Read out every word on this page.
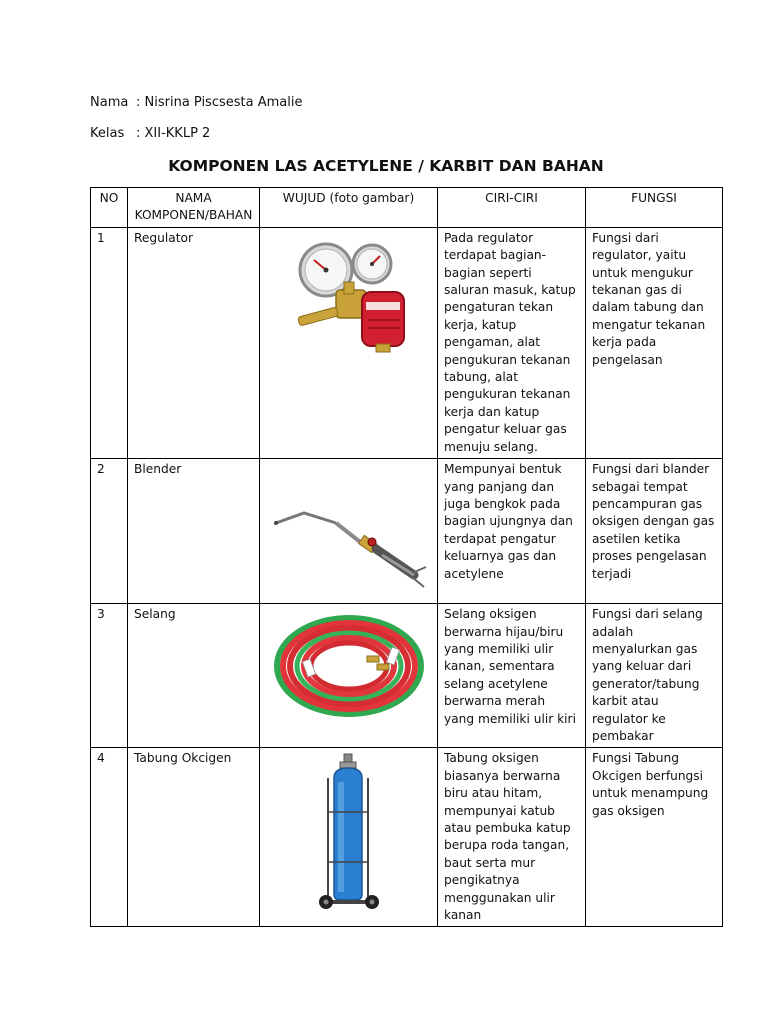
Nama : Nisrina Piscsesta Amalie
Kelas : XII-KKLP 2
KOMPONEN LAS ACETYLENE / KARBIT DAN BAHAN
NO	NAMA KOMPONEN/BAHAN	WUJUD (foto gambar)	CIRI-CIRI	FUNGSI
1	Regulator		Pada regulator terdapat bagian-bagian seperti saluran masuk, katup pengaturan tekan kerja, katup pengaman, alat pengukuran tekanan tabung, alat pengukuran tekanan kerja dan katup pengatur keluar gas menuju selang.	Fungsi dari regulator, yaitu untuk mengukur tekanan gas di dalam tabung dan mengatur tekanan kerja pada pengelasan
2	Blender		Mempunyai bentuk yang panjang dan juga bengkok pada bagian ujungnya dan terdapat pengatur keluarnya gas dan acetylene	Fungsi dari blander sebagai tempat pencampuran gas oksigen dengan gas asetilen ketika proses pengelasan terjadi
3	Selang		Selang oksigen berwarna hijau/biru yang memiliki ulir kanan, sementara selang acetylene berwarna merah yang memiliki ulir kiri	Fungsi dari selang adalah menyalurkan gas yang keluar dari generator/tabung karbit atau regulator ke pembakar
4	Tabung Okcigen		Tabung oksigen biasanya berwarna biru atau hitam, mempunyai katub atau pembuka katup berupa roda tangan, baut serta mur pengikatnya menggunakan ulir kanan	Fungsi Tabung Okcigen berfungsi untuk menampung gas oksigen
